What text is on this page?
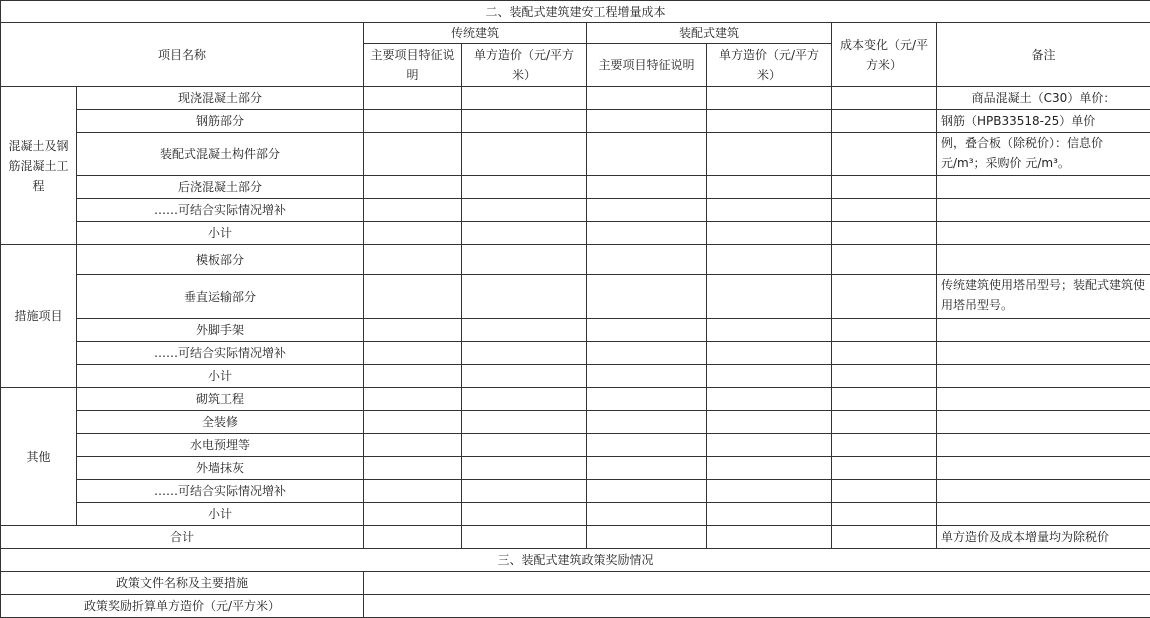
二、装配式建筑建安工程增量成本							
项目名称		传统建筑		装配式建筑		成本变化（元/平方米）	备注
		主要项目特征说明	单方造价（元/平方米）	主要项目特征说明	单方造价（元/平方米）		
混凝土及钢筋混凝土工程	现浇混凝土部分						商品混凝土（C30）单价：
	钢筋部分						钢筋（HPB33518-25）单价
	装配式混凝土构件部分						例，叠合板（除税价）：信息价 元/m³；采购价 元/m³。
	后浇混凝土部分						
	……可结合实际情况增补						
	小计						
措施项目	模板部分						
	垂直运输部分						传统建筑使用塔吊型号；装配式建筑使用塔吊型号。
	外脚手架						
	……可结合实际情况增补						
	小计						
其他	砌筑工程						
	全装修						
	水电预埋等						
	外墙抹灰						
	……可结合实际情况增补						
	小计						
合计							单方造价及成本增量均为除税价
三、装配式建筑政策奖励情况							
政策文件名称及主要措施							
政策奖励折算单方造价（元/平方米）							
